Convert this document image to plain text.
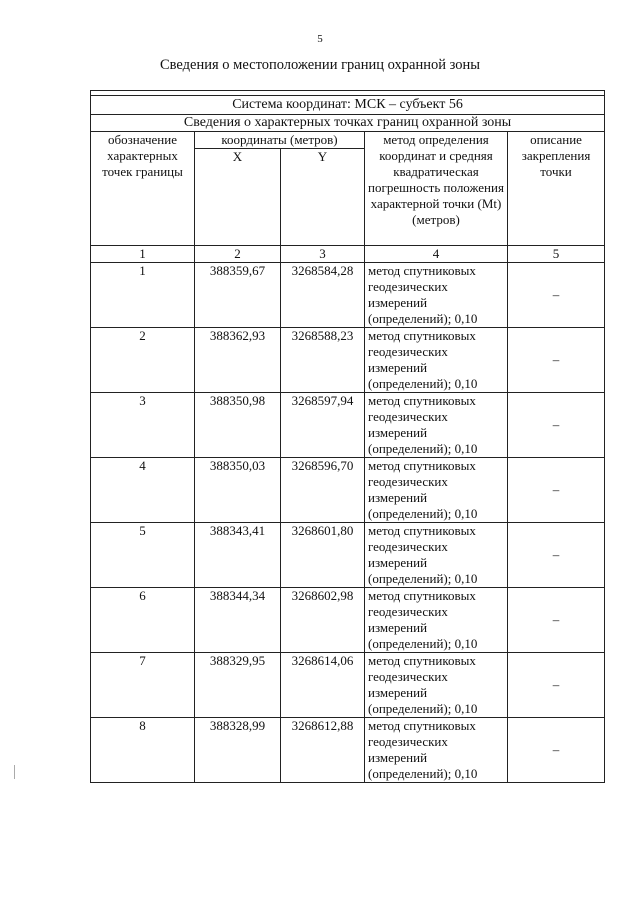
5
Сведения о местоположении границ охранной зоны

Система координат: МСК – субъект 56				
Сведения о характерных точках границ охранной зоны				
обозначение характерных точек границы	координаты (метров)		метод определения координат и средняя квадратическая погрешность положения характерной точки (Mt) (метров)	описание закрепления точки
	X	Y		
1	2	3	4	5
1	388359,67	3268584,28	метод спутниковых геодезических измерений (определений); 0,10	–
2	388362,93	3268588,23	метод спутниковых геодезических измерений (определений); 0,10	–
3	388350,98	3268597,94	метод спутниковых геодезических измерений (определений); 0,10	–
4	388350,03	3268596,70	метод спутниковых геодезических измерений (определений); 0,10	–
5	388343,41	3268601,80	метод спутниковых геодезических измерений (определений); 0,10	–
6	388344,34	3268602,98	метод спутниковых геодезических измерений (определений); 0,10	–
7	388329,95	3268614,06	метод спутниковых геодезических измерений (определений); 0,10	–
8	388328,99	3268612,88	метод спутниковых геодезических измерений (определений); 0,10	–
